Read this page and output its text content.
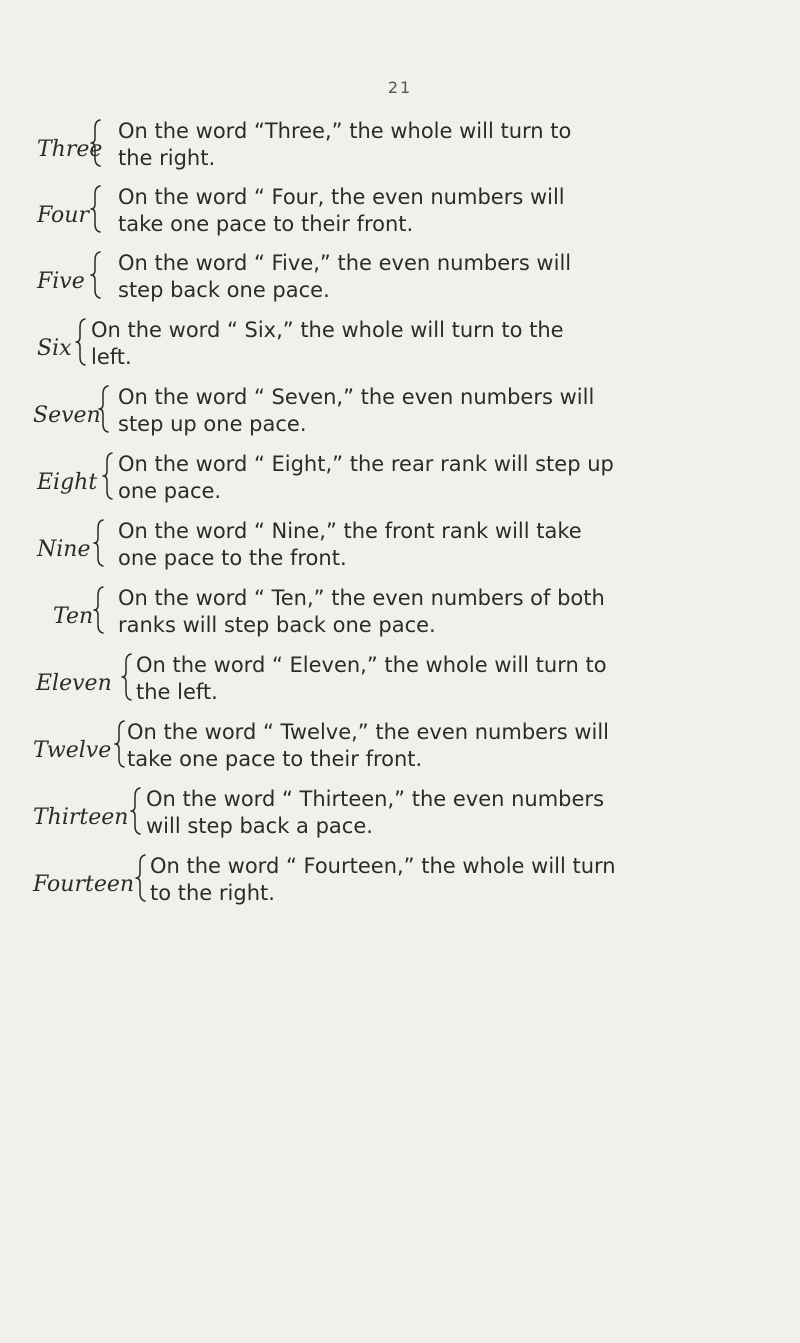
21
Three
On the word “Three,” the whole will turn to
the right.
Four
On the word “ Four, the even numbers will
take one pace to their front.
Five
On the word “ Five,” the even numbers will
step back one pace.
Six
On the word “ Six,” the whole will turn to the
left.
Seven
On the word “ Seven,” the even numbers will
step up one pace.
Eight
On the word “ Eight,” the rear rank will step up
one pace.
Nine
On the word “ Nine,” the front rank will take
one pace to the front.
Ten
On the word “ Ten,” the even numbers of both
ranks will step back one pace.
Eleven
On the word “ Eleven,” the whole will turn to
the left.
Twelve
On the word “ Twelve,” the even numbers will
take one pace to their front.
Thirteen
On the word “ Thirteen,” the even numbers
will step back a pace.
Fourteen
On the word “ Fourteen,” the whole will turn
to the right.
